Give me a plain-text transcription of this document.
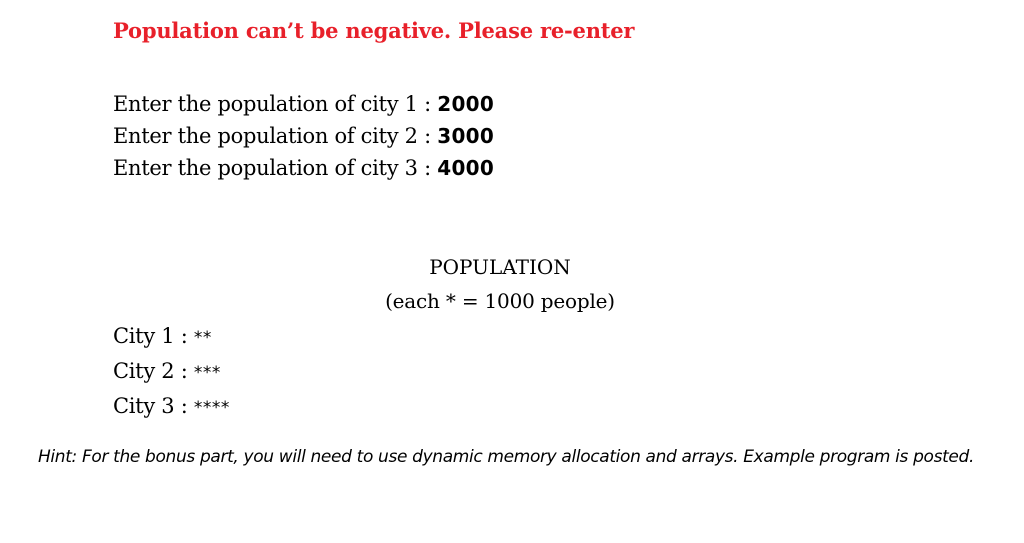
Population can’t be negative. Please re-enter
Enter the population of city 1 : 2000
Enter the population of city 2 : 3000
Enter the population of city 3 : 4000
POPULATION
(each * = 1000 people)
City 1 : **
City 2 : ***
City 3 : ****
Hint: For the bonus part, you will need to use dynamic memory allocation and arrays. Example program is posted.
